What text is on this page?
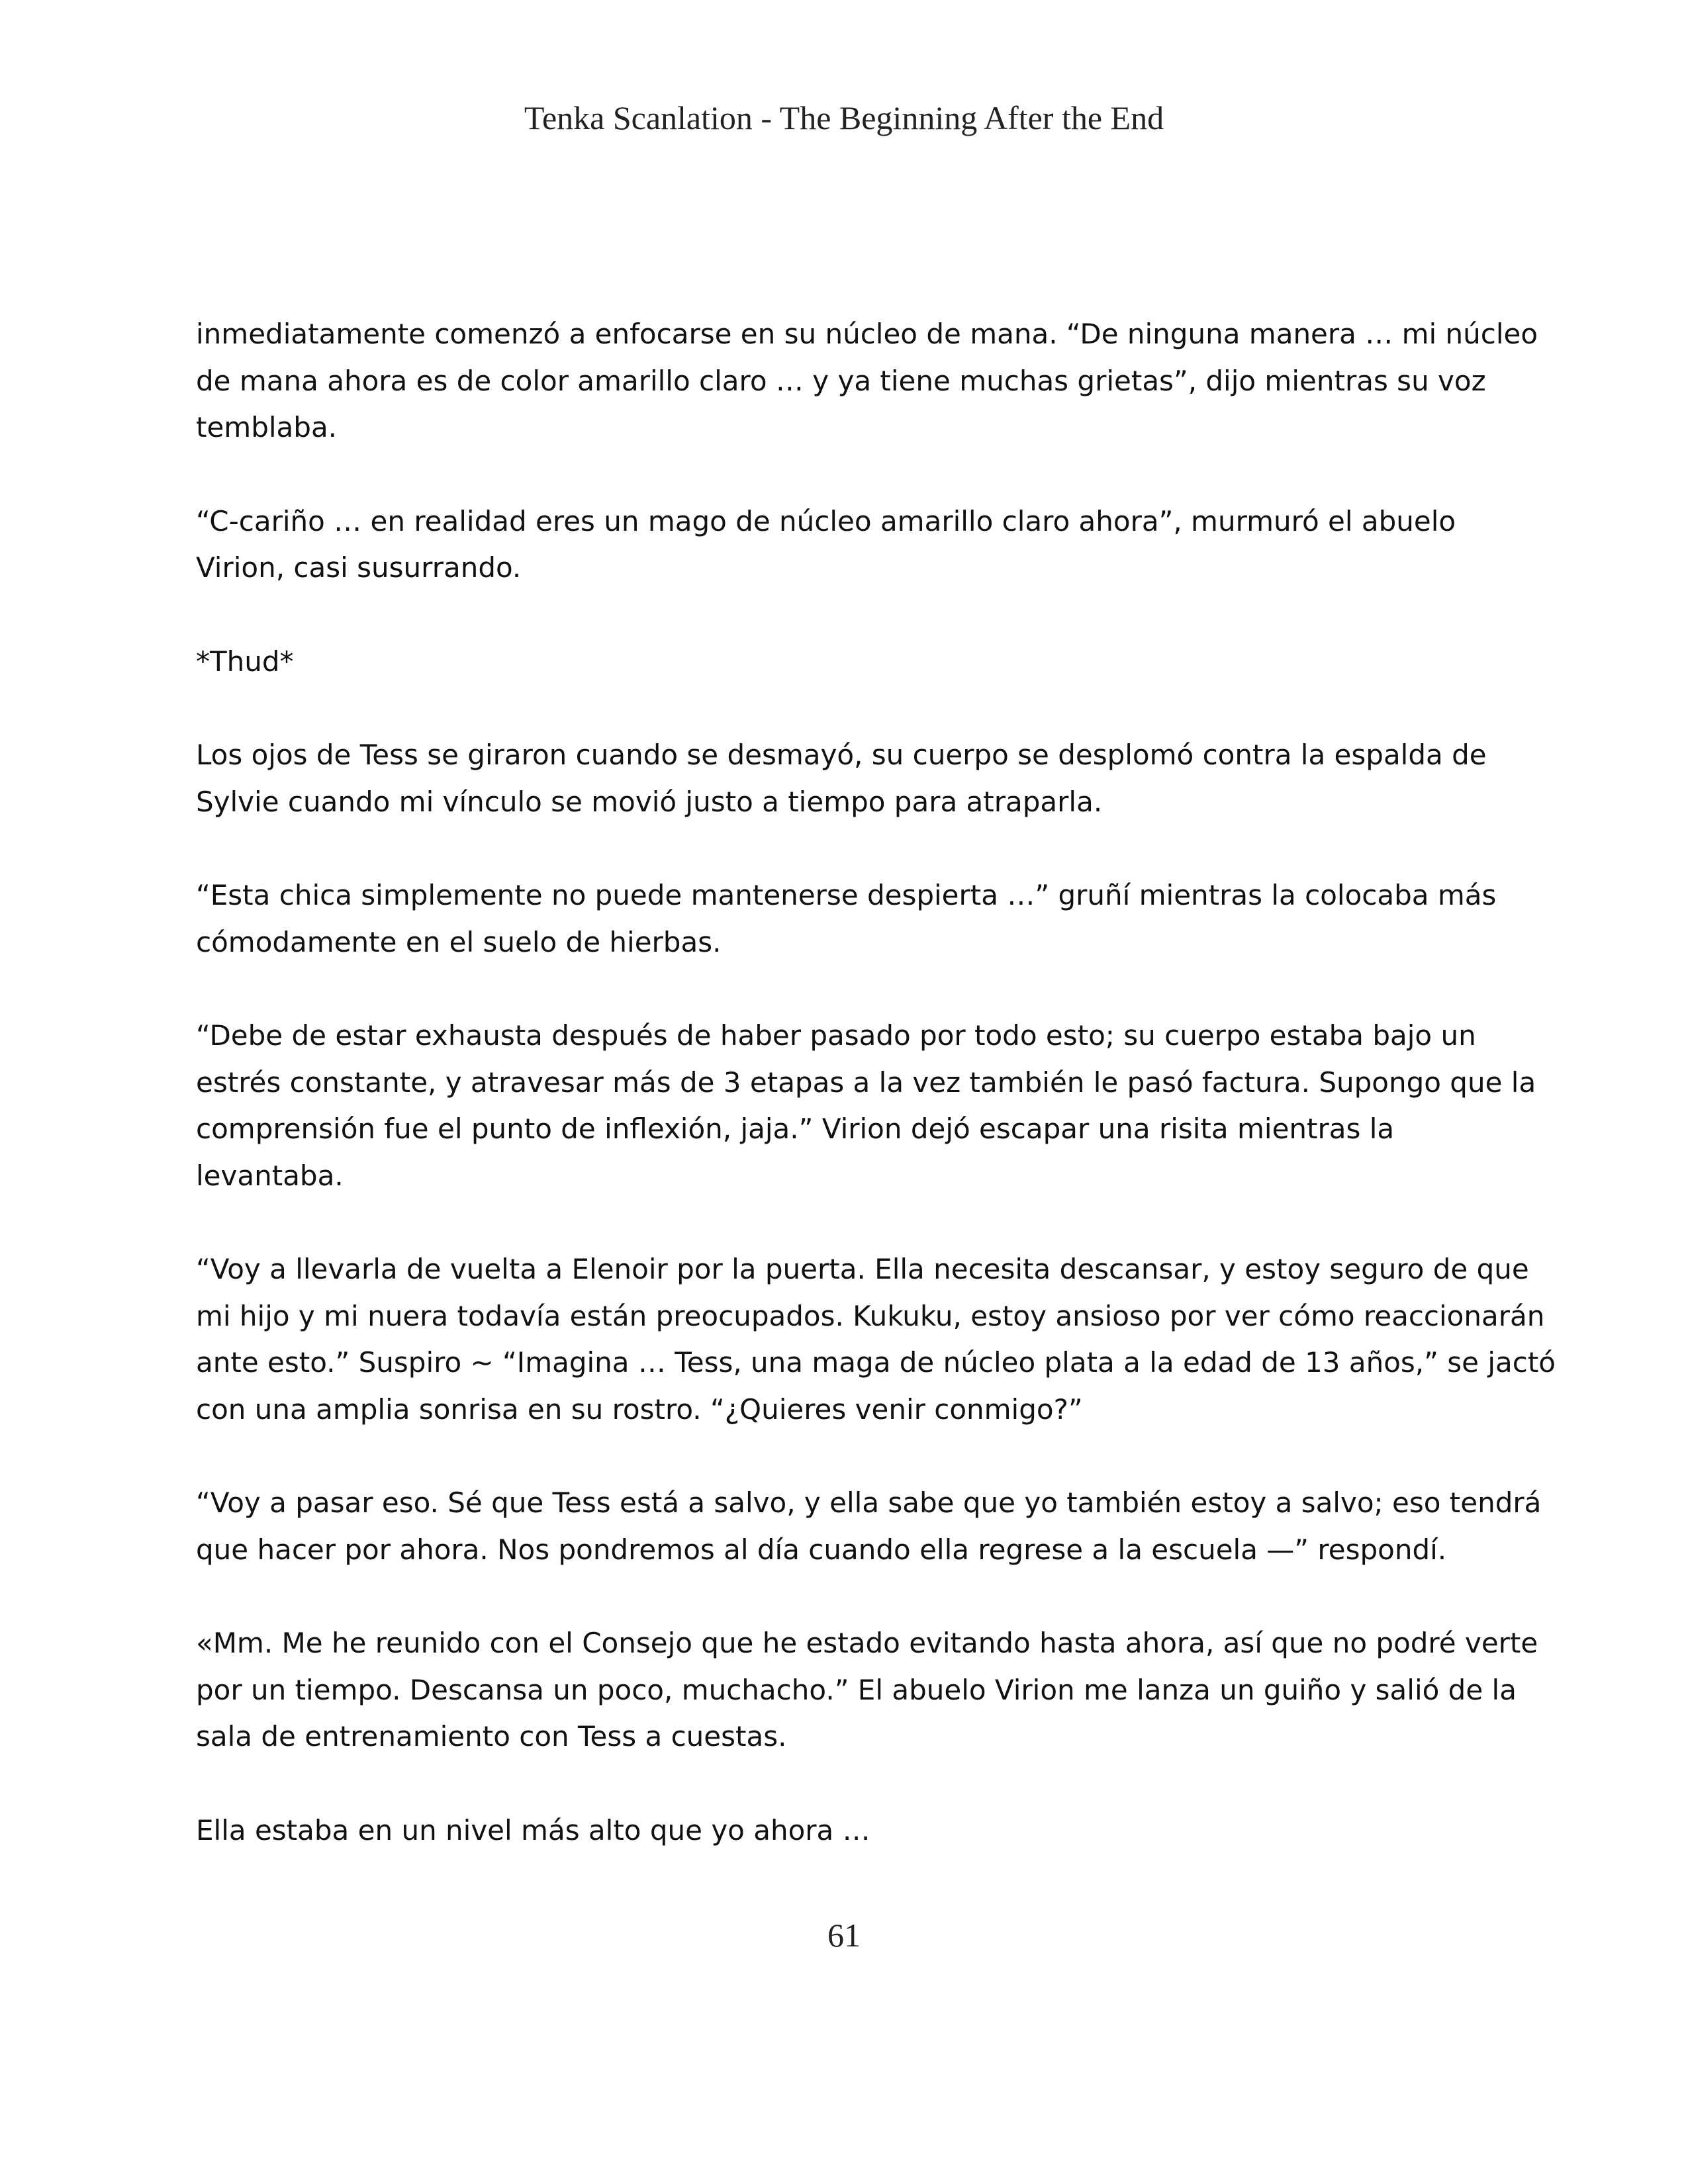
Tenka Scanlation - The Beginning After the End

inmediatamente comenzó a enfocarse en su núcleo de mana. “De ninguna manera … mi núcleo
de mana ahora es de color amarillo claro … y ya tiene muchas grietas”, dijo mientras su voz
temblaba.

“C-cariño … en realidad eres un mago de núcleo amarillo claro ahora”, murmuró el abuelo
Virion, casi susurrando.

*Thud*

Los ojos de Tess se giraron cuando se desmayó, su cuerpo se desplomó contra la espalda de
Sylvie cuando mi vínculo se movió justo a tiempo para atraparla.

“Esta chica simplemente no puede mantenerse despierta …” gruñí mientras la colocaba más
cómodamente en el suelo de hierbas.

“Debe de estar exhausta después de haber pasado por todo esto; su cuerpo estaba bajo un
estrés constante, y atravesar más de 3 etapas a la vez también le pasó factura. Supongo que la
comprensión fue el punto de inflexión, jaja.” Virion dejó escapar una risita mientras la
levantaba.

“Voy a llevarla de vuelta a Elenoir por la puerta. Ella necesita descansar, y estoy seguro de que
mi hijo y mi nuera todavía están preocupados. Kukuku, estoy ansioso por ver cómo reaccionarán
ante esto.” Suspiro ~ “Imagina … Tess, una maga de núcleo plata a la edad de 13 años,” se jactó
con una amplia sonrisa en su rostro. “¿Quieres venir conmigo?”

“Voy a pasar eso. Sé que Tess está a salvo, y ella sabe que yo también estoy a salvo; eso tendrá
que hacer por ahora. Nos pondremos al día cuando ella regrese a la escuela —” respondí.

«Mm. Me he reunido con el Consejo que he estado evitando hasta ahora, así que no podré verte
por un tiempo. Descansa un poco, muchacho.” El abuelo Virion me lanza un guiño y salió de la
sala de entrenamiento con Tess a cuestas.

Ella estaba en un nivel más alto que yo ahora …

61
